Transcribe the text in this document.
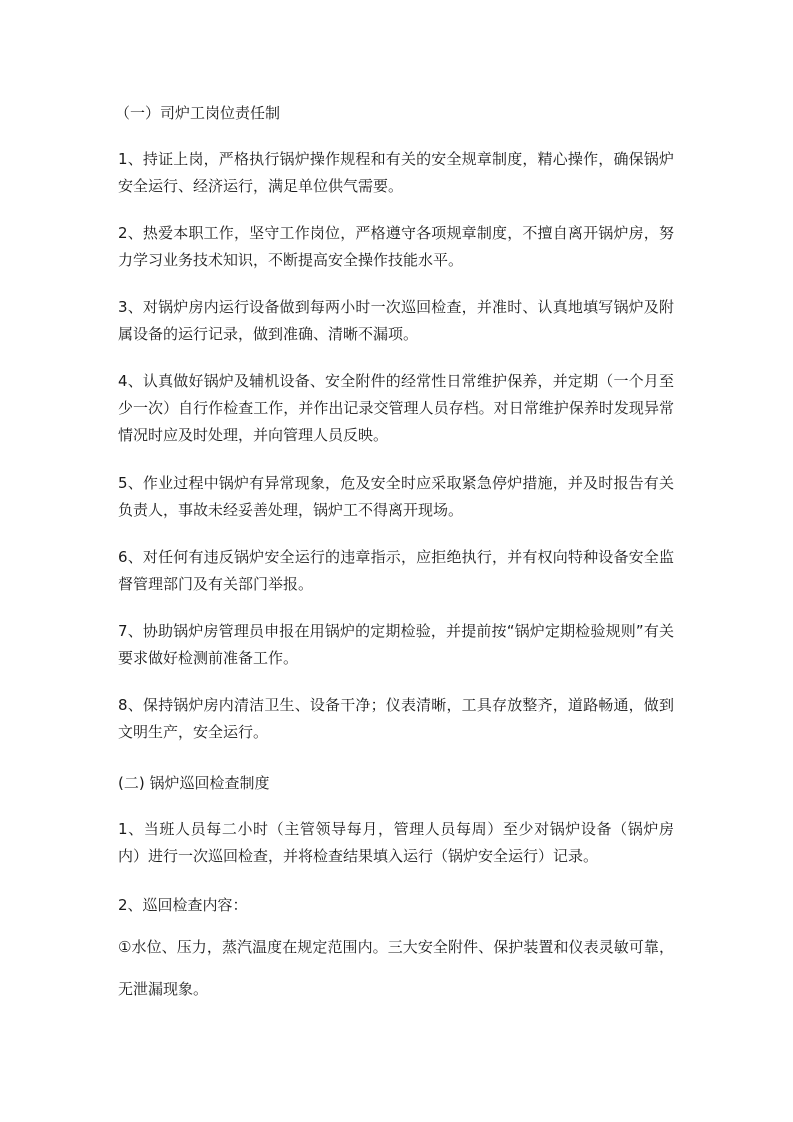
（一）司炉工岗位责任制

1、持证上岗，严格执行锅炉操作规程和有关的安全规章制度，精心操作，确保锅炉安全运行、经济运行，满足单位供气需要。

2、热爱本职工作，坚守工作岗位，严格遵守各项规章制度，不擅自离开锅炉房，努力学习业务技术知识，不断提高安全操作技能水平。

3、对锅炉房内运行设备做到每两小时一次巡回检查，并准时、认真地填写锅炉及附属设备的运行记录，做到准确、清晰不漏项。

4、认真做好锅炉及辅机设备、安全附件的经常性日常维护保养，并定期（一个月至少一次）自行作检查工作，并作出记录交管理人员存档。对日常维护保养时发现异常情况时应及时处理，并向管理人员反映。

5、作业过程中锅炉有异常现象，危及安全时应采取紧急停炉措施，并及时报告有关负责人，事故未经妥善处理，锅炉工不得离开现场。

6、对任何有违反锅炉安全运行的违章指示，应拒绝执行，并有权向特种设备安全监督管理部门及有关部门举报。

7、协助锅炉房管理员申报在用锅炉的定期检验，并提前按“锅炉定期检验规则”有关要求做好检测前准备工作。

8、保持锅炉房内清洁卫生、设备干净；仪表清晰，工具存放整齐，道路畅通，做到文明生产，安全运行。

(二) 锅炉巡回检查制度

1、当班人员每二小时（主管领导每月，管理人员每周）至少对锅炉设备（锅炉房内）进行一次巡回检查，并将检查结果填入运行（锅炉安全运行）记录。

2、巡回检查内容：

①水位、压力，蒸汽温度在规定范围内。三大安全附件、保护装置和仪表灵敏可靠，无泄漏现象。
